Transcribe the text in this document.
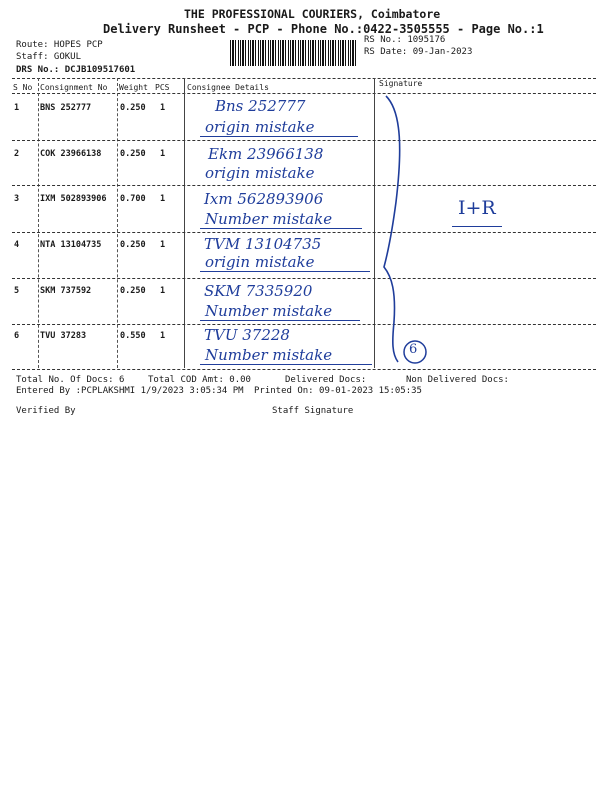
THE PROFESSIONAL COURIERS, Coimbatore
Delivery Runsheet - PCP - Phone No.:0422-3505555 - Page No.:1
Route: HOPES PCP
Staff: GOKUL
DRS No.: DCJB109517601
RS No.: 1095176
RS Date: 09-Jan-2023
S No Consignment No Weight PCS Consignee Details	Signature
1 BNS 252777	0.250 1	Bns 252777
origin mistake
2 COK 23966138 0.250 1	Ekm 23966138
origin mistake
3 IXM 502893906 0.700 1	Ixm 562893906
Number mistake	I+R
4 NTA 13104735 0.250 1	TVM 13104735
origin mistake
5 SKM 737592	0.250 1	SKM 7335920
Number mistake
6 TVU 37283	0.550 1	TVU 37228
Number mistake	6
Total No. Of Docs: 6	Total COD Amt: 0.00	Delivered Docs:	Non Delivered Docs:
Entered By :PCPLAKSHMI 1/9/2023 3:05:34 PM Printed On: 09-01-2023 15:05:35
Verified By	Staff Signature
